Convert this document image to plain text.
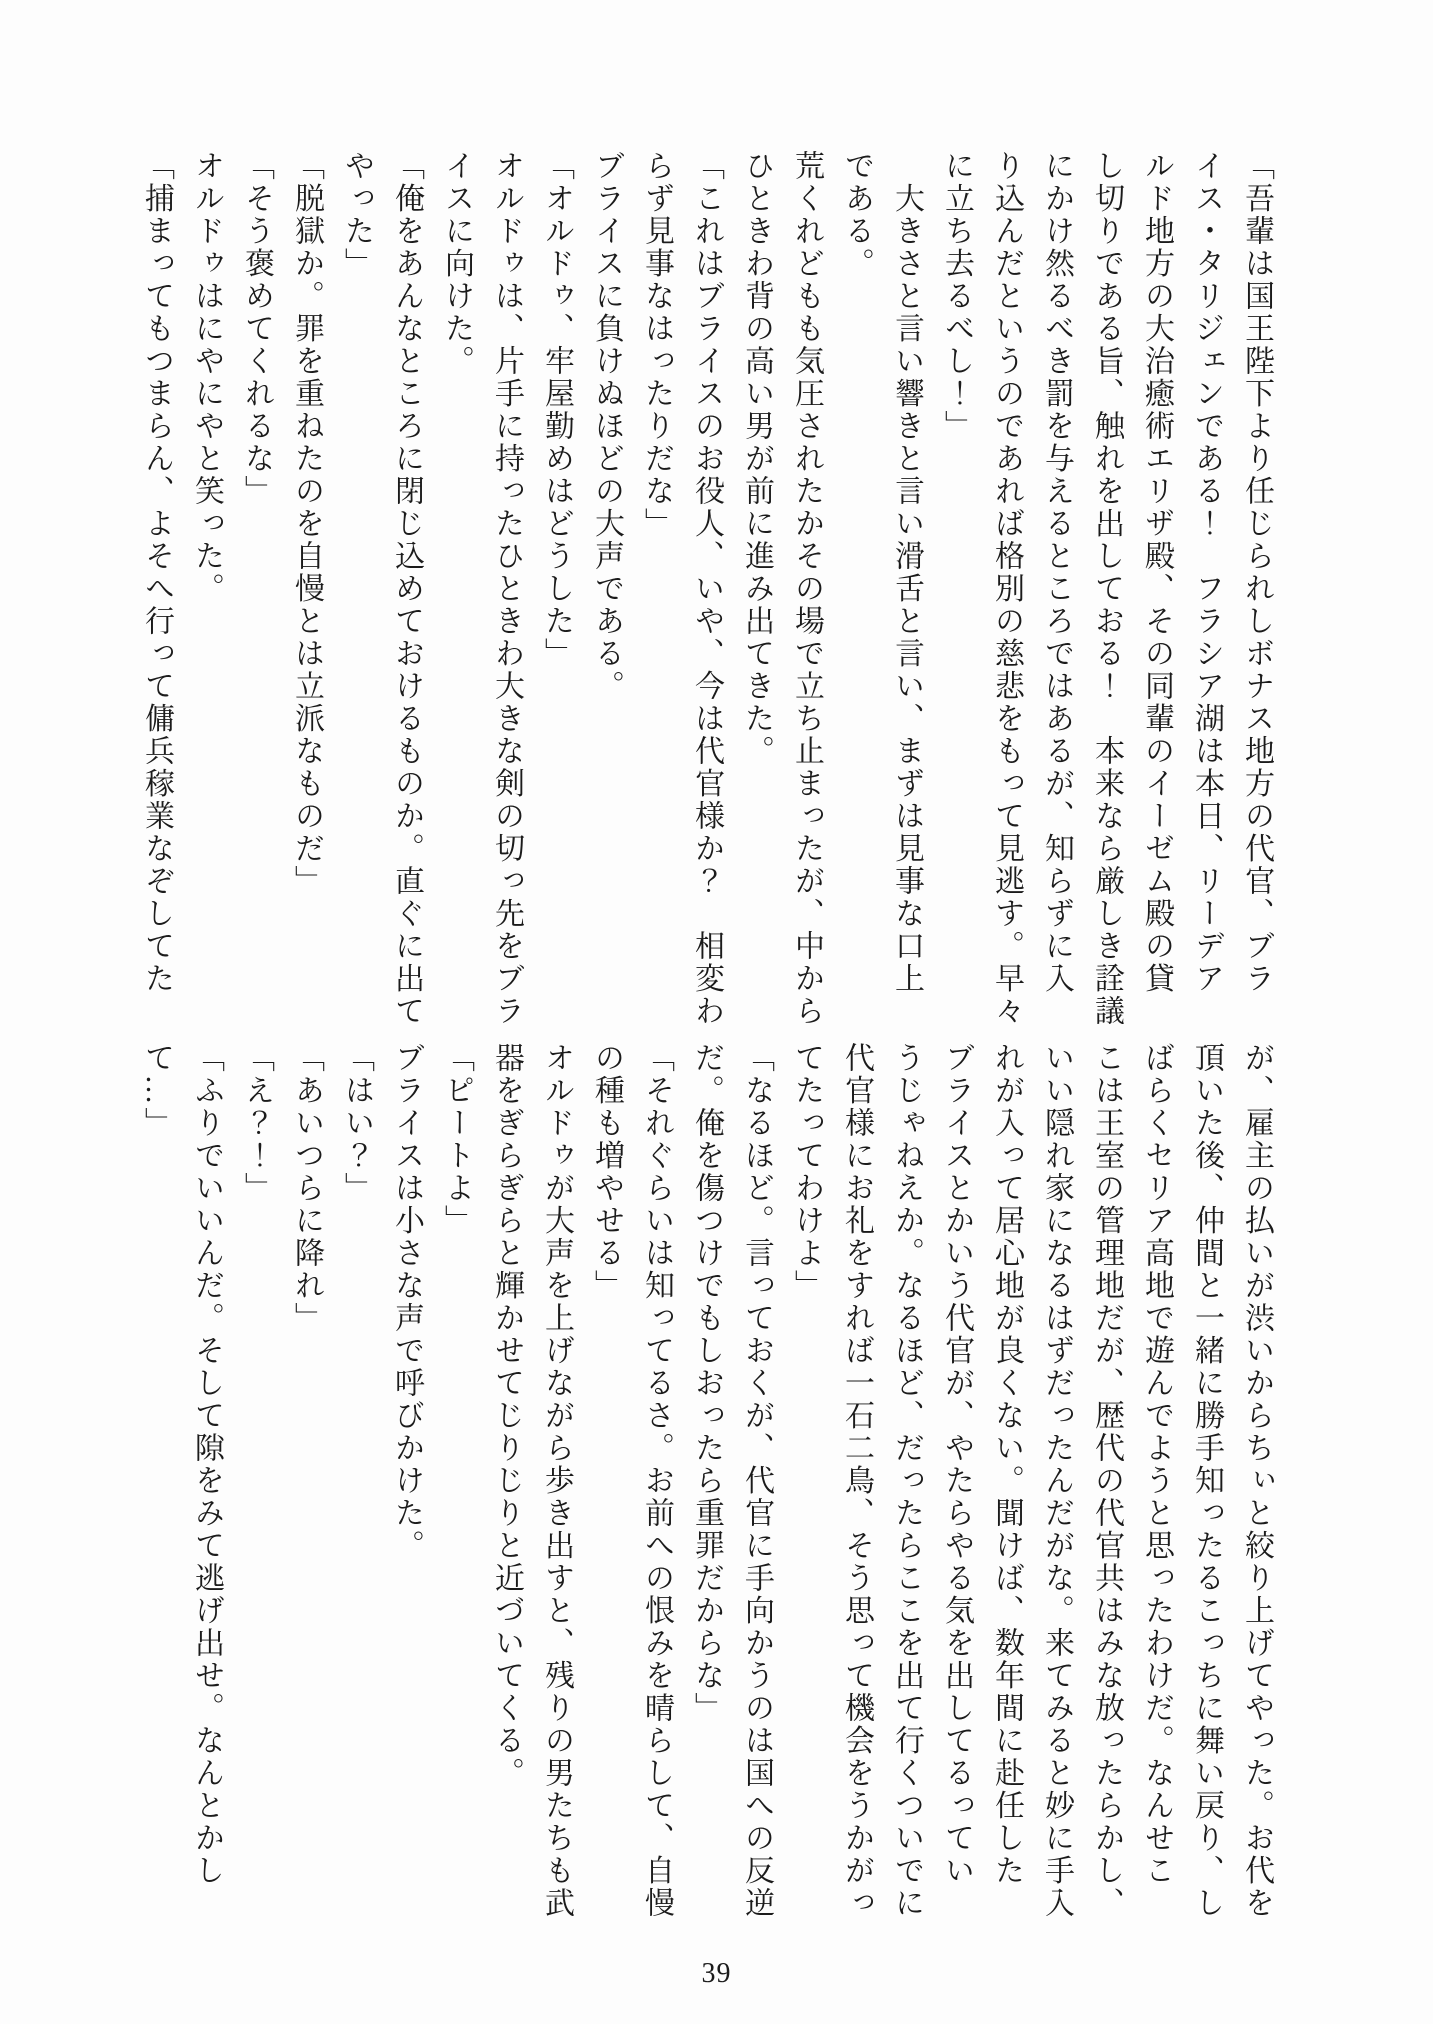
「吾輩は国王陛下より任じられしボナス地方の代官、ブラ

イス・タリジェンである！　フラシア湖は本日、リーデア

ルド地方の大治癒術エリザ殿、その同輩のイーゼム殿の貸

し切りである旨、触れを出しておる！　本来なら厳しき詮議

にかけ然るべき罰を与えるところではあるが、知らずに入

り込んだというのであれば格別の慈悲をもって見逃す。早々

に立ち去るべし！」

　大きさと言い響きと言い滑舌と言い、まずは見事な口上

である。

荒くれどもも気圧されたかその場で立ち止まったが、中から

ひときわ背の高い男が前に進み出てきた。

「これはブライスのお役人、いや、今は代官様か？　相変わ

らず見事なはったりだな」

ブライスに負けぬほどの大声である。

「オルドゥ、牢屋勤めはどうした」

オルドゥは、片手に持ったひときわ大きな剣の切っ先をブラ

イスに向けた。

「俺をあんなところに閉じ込めておけるものか。直ぐに出て

やった」

「脱獄か。罪を重ねたのを自慢とは立派なものだ」

「そう褒めてくれるな」

オルドゥはにやにやと笑った。

「捕まってもつまらん、よそへ行って傭兵稼業なぞしてた

が、雇主の払いが渋いからちぃと絞り上げてやった。お代を

頂いた後、仲間と一緒に勝手知ったるこっちに舞い戻り、し

ばらくセリア高地で遊んでようと思ったわけだ。なんせこ

こは王室の管理地だが、歴代の代官共はみな放ったらかし、

いい隠れ家になるはずだったんだがな。来てみると妙に手入

れが入って居心地が良くない。聞けば、数年間に赴任した

ブライスとかいう代官が、やたらやる気を出してるってい

うじゃねえか。なるほど、だったらここを出て行くついでに

代官様にお礼をすれば一石二鳥、そう思って機会をうかがっ

てたってわけよ」

「なるほど。言っておくが、代官に手向かうのは国への反逆

だ。俺を傷つけでもしおったら重罪だからな」

「それぐらいは知ってるさ。お前への恨みを晴らして、自慢

の種も増やせる」

オルドゥが大声を上げながら歩き出すと、残りの男たちも武

器をぎらぎらと輝かせてじりじりと近づいてくる。

「ピートよ」

ブライスは小さな声で呼びかけた。

「はい？」

「あいつらに降れ」

「え？！」

「ふりでいいんだ。そして隙をみて逃げ出せ。なんとかし

て…」

39
